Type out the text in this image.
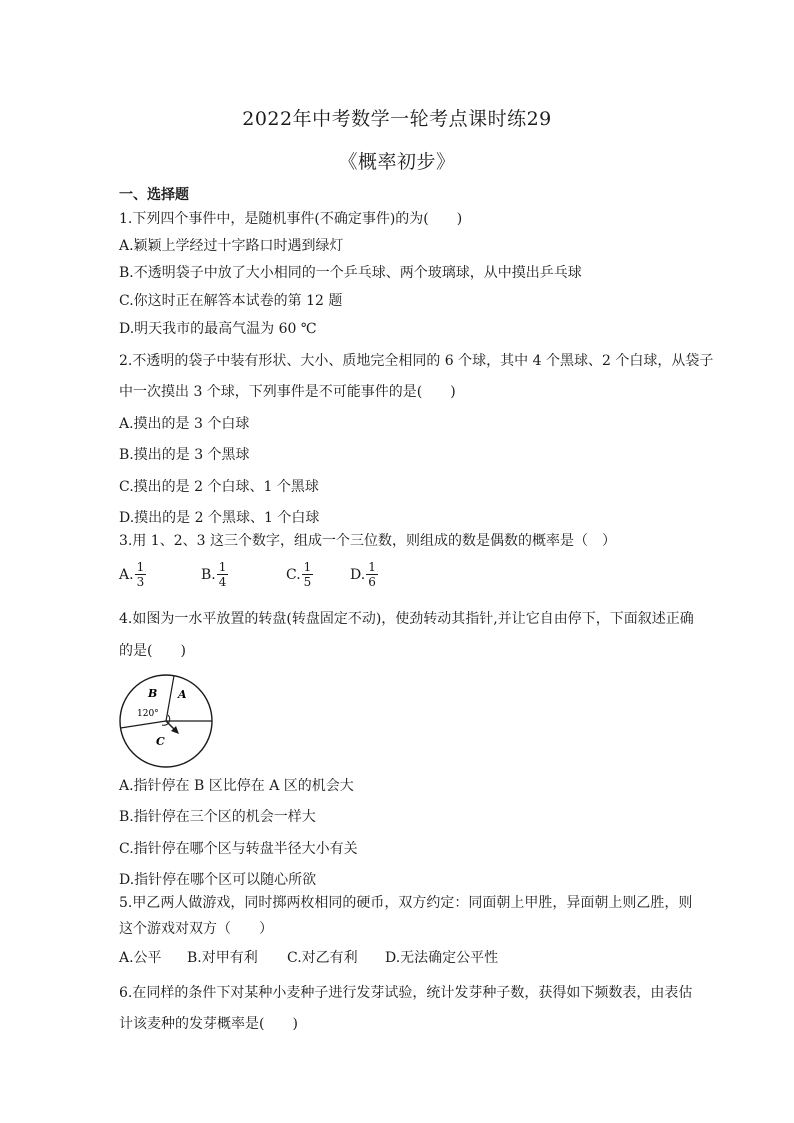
2022年中考数学一轮考点课时练29
《概率初步》
一、选择题
1.下列四个事件中，是随机事件(不确定事件)的为(　　)
A.颖颖上学经过十字路口时遇到绿灯
B.不透明袋子中放了大小相同的一个乒乓球、两个玻璃球，从中摸出乒乓球
C.你这时正在解答本试卷的第 12 题
D.明天我市的最高气温为 60 ℃
2.不透明的袋子中装有形状、大小、质地完全相同的 6 个球，其中 4 个黑球、2 个白球，从袋子
中一次摸出 3 个球，下列事件是不可能事件的是(　　)
A.摸出的是 3 个白球
B.摸出的是 3 个黑球
C.摸出的是 2 个白球、1 个黑球
D.摸出的是 2 个黑球、1 个白球
3.用 1、2、3 这三个数字，组成一个三位数，则组成的数是偶数的概率是（　）
A. $\frac{1}{3}$	B. $\frac{1}{4}$	C. $\frac{1}{5}$	D. $\frac{1}{6}$
4.如图为一水平放置的转盘(转盘固定不动)，使劲转动其指针,并让它自由停下，下面叙述正确
的是(　　)
B A
C
120°
A.指针停在 B 区比停在 A 区的机会大
B.指针停在三个区的机会一样大
C.指针停在哪个区与转盘半径大小有关
D.指针停在哪个区可以随心所欲
5.甲乙两人做游戏，同时掷两枚相同的硬币，双方约定：同面朝上甲胜，异面朝上则乙胜，则
这个游戏对双方（　　）
A.公平 B.对甲有利 C.对乙有利 D.无法确定公平性
6.在同样的条件下对某种小麦种子进行发芽试验，统计发芽种子数，获得如下频数表，由表估
计该麦种的发芽概率是(　　)
